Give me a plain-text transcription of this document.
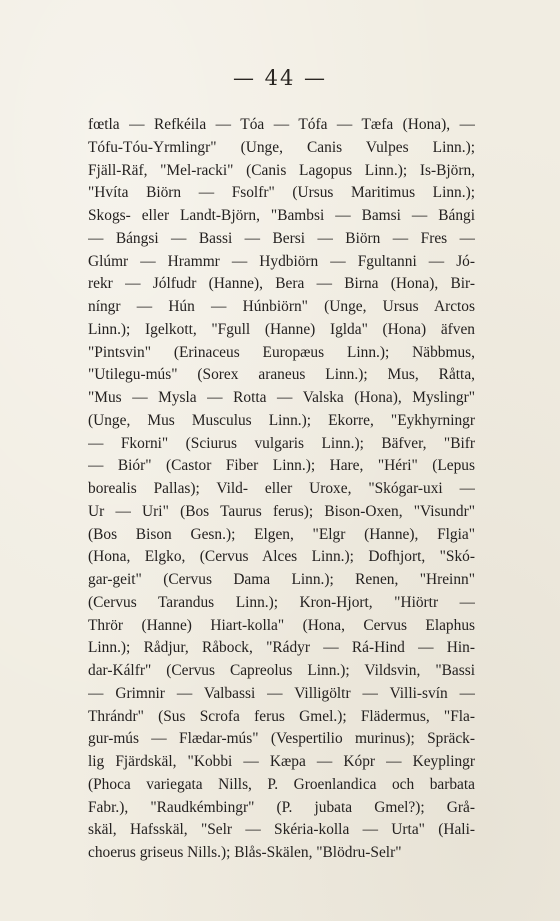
— 44 —
fœtla — Refkéila — Tóa — Tófa — Tæfa (Hona), —
Tófu-Tóu-Yrmlingr" (Unge, Canis Vulpes Linn.);
Fjäll-Räf, "Mel-racki" (Canis Lagopus Linn.); Is-Björn,
"Hvíta Biörn — Fsolfr" (Ursus Maritimus Linn.);
Skogs- eller Landt-Björn, "Bambsi — Bamsi — Bángi
— Bángsi — Bassi — Bersi — Biörn — Fres —
Glúmr — Hrammr — Hydbiörn — Fgultanni — Jó-
rekr — Jólfudr (Hanne), Bera — Birna (Hona), Bir-
níngr — Hún — Húnbiörn" (Unge, Ursus Arctos
Linn.); Igelkott, "Fgull (Hanne) Iglda" (Hona) äfven
"Pintsvin" (Erinaceus Europæus Linn.); Näbbmus,
"Utilegu-mús" (Sorex araneus Linn.); Mus, Råtta,
"Mus — Mysla — Rotta — Valska (Hona), Myslingr"
(Unge, Mus Musculus Linn.); Ekorre, "Eykhyrningr
— Fkorni" (Sciurus vulgaris Linn.); Bäfver, "Bifr
— Biór" (Castor Fiber Linn.); Hare, "Héri" (Lepus
borealis Pallas); Vild- eller Uroxe, "Skógar-uxi —
Ur — Uri" (Bos Taurus ferus); Bison-Oxen, "Visundr"
(Bos Bison Gesn.); Elgen, "Elgr (Hanne), Flgia"
(Hona, Elgko, (Cervus Alces Linn.); Dofhjort, "Skó-
gar-geit" (Cervus Dama Linn.); Renen, "Hreinn"
(Cervus Tarandus Linn.); Kron-Hjort, "Hiörtr —
Thrör (Hanne) Hiart-kolla" (Hona, Cervus Elaphus
Linn.); Rådjur, Råbock, "Rádyr — Rá-Hind — Hin-
dar-Kálfr" (Cervus Capreolus Linn.); Vildsvin, "Bassi
— Grimnir — Valbassi — Villigöltr — Villi-svín —
Thrándr" (Sus Scrofa ferus Gmel.); Flädermus, "Fla-
gur-mús — Flædar-mús" (Vespertilio murinus); Spräck-
lig Fjärdskäl, "Kobbi — Kæpa — Kópr — Keyplingr
(Phoca variegata Nills, P. Groenlandica och barbata
Fabr.), "Raudkémbingr" (P. jubata Gmel?); Grå-
skäl, Hafsskäl, "Selr — Skéria-kolla — Urta" (Hali-
choerus griseus Nills.); Blås-Skälen, "Blödru-Selr"
